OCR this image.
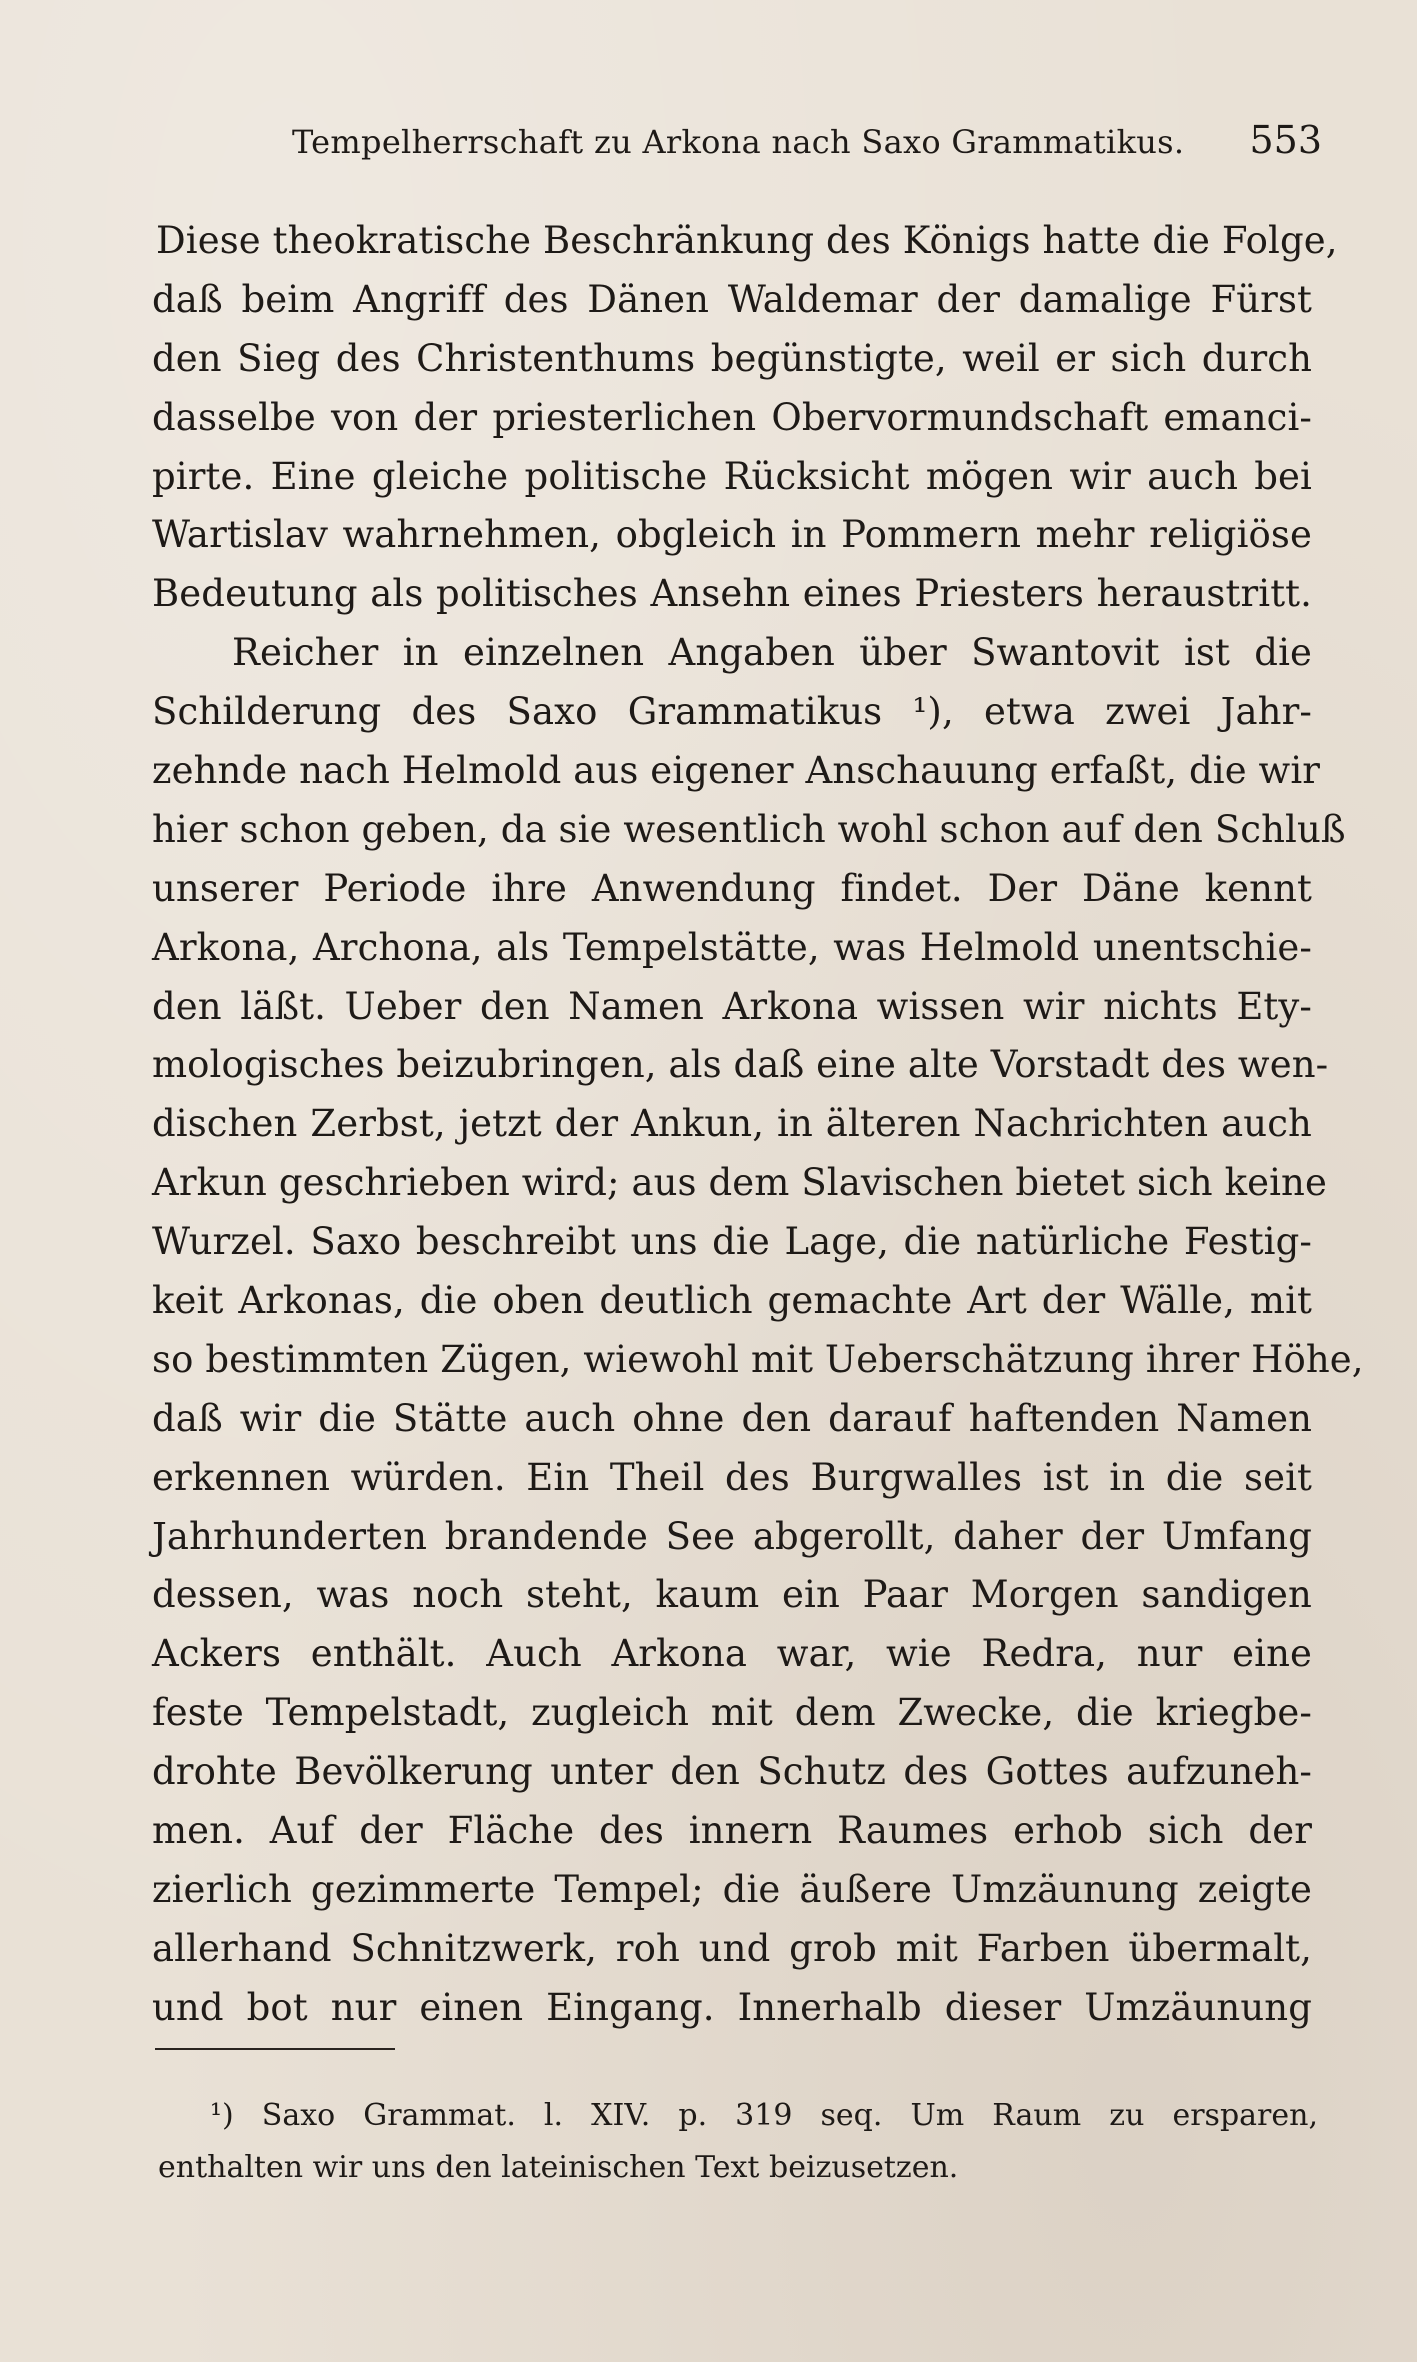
Tempelherrschaft zu Arkona nach Saxo Grammatikus. 553
Diese theokratische Beschränkung des Königs hatte die Folge,
daß beim Angriff des Dänen Waldemar der damalige Fürst
den Sieg des Christenthums begünstigte, weil er sich durch
dasselbe von der priesterlichen Obervormundschaft emanci-
pirte. Eine gleiche politische Rücksicht mögen wir auch bei
Wartislav wahrnehmen, obgleich in Pommern mehr religiöse
Bedeutung als politisches Ansehn eines Priesters heraustritt.
Reicher in einzelnen Angaben über Swantovit ist die
Schilderung des Saxo Grammatikus ¹), etwa zwei Jahr-
zehnde nach Helmold aus eigener Anschauung erfaßt, die wir
hier schon geben, da sie wesentlich wohl schon auf den Schluß
unserer Periode ihre Anwendung findet. Der Däne kennt
Arkona, Archona, als Tempelstätte, was Helmold unentschie-
den läßt. Ueber den Namen Arkona wissen wir nichts Ety-
mologisches beizubringen, als daß eine alte Vorstadt des wen-
dischen Zerbst, jetzt der Ankun, in älteren Nachrichten auch
Arkun geschrieben wird; aus dem Slavischen bietet sich keine
Wurzel. Saxo beschreibt uns die Lage, die natürliche Festig-
keit Arkonas, die oben deutlich gemachte Art der Wälle, mit
so bestimmten Zügen, wiewohl mit Ueberschätzung ihrer Höhe,
daß wir die Stätte auch ohne den darauf haftenden Namen
erkennen würden. Ein Theil des Burgwalles ist in die seit
Jahrhunderten brandende See abgerollt, daher der Umfang
dessen, was noch steht, kaum ein Paar Morgen sandigen
Ackers enthält. Auch Arkona war, wie Redra, nur eine
feste Tempelstadt, zugleich mit dem Zwecke, die kriegbe-
drohte Bevölkerung unter den Schutz des Gottes aufzuneh-
men. Auf der Fläche des innern Raumes erhob sich der
zierlich gezimmerte Tempel; die äußere Umzäunung zeigte
allerhand Schnitzwerk, roh und grob mit Farben übermalt,
und bot nur einen Eingang. Innerhalb dieser Umzäunung
¹) Saxo Grammat. l. XIV. p. 319 seq. Um Raum zu ersparen,
enthalten wir uns den lateinischen Text beizusetzen.
